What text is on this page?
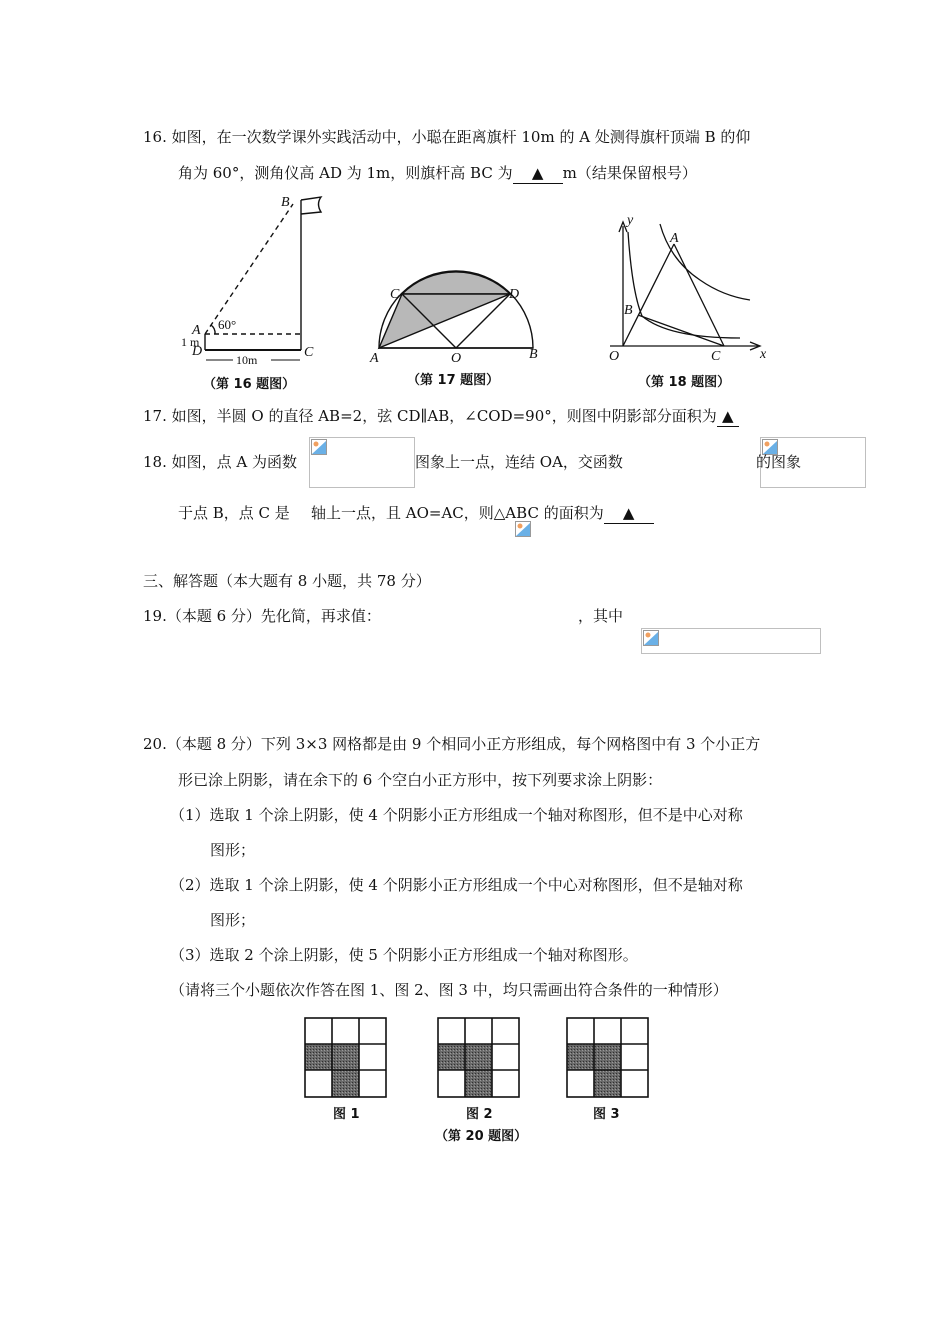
16. 如图，在一次数学课外实践活动中，小聪在距离旗杆 10m 的 A 处测得旗杆顶端 B 的仰
角为 60°，测角仪高 AD 为 1m，则旗杆高 BC 为 ▲ m（结果保留根号）
B
A
D	C
60°
1 m
10m
（第 16 题图）
C	D
A	O	B
（第 17 题图）
y
A
B
O	C	x
（第 18 题图）
17. 如图，半圆 O 的直径 AB=2，弦 CD∥AB，∠COD=90°，则图中阴影部分面积为 ▲
18. 如图，点 A 为函数
	图象上一点，连结 OA，交函数
	的图象
于点 B，点 C 是
轴上一点，且 AO=AC，则△ABC 的面积为 ▲
三、解答题（本大题有 8 小题，共 78 分）
19.（本题 6 分）先化简，再求值：
	，其中
20.（本题 8 分）下列 3×3 网格都是由 9 个相同小正方形组成，每个网格图中有 3 个小正方
形已涂上阴影，请在余下的 6 个空白小正方形中，按下列要求涂上阴影：
（1）选取 1 个涂上阴影，使 4 个阴影小正方形组成一个轴对称图形，但不是中心对称
图形；
（2）选取 1 个涂上阴影，使 4 个阴影小正方形组成一个中心对称图形，但不是轴对称
图形；
（3）选取 2 个涂上阴影，使 5 个阴影小正方形组成一个轴对称图形。
（请将三个小题依次作答在图 1、图 2、图 3 中，均只需画出符合条件的一种情形）
图 1	图 2	图 3
（第 20 题图）
